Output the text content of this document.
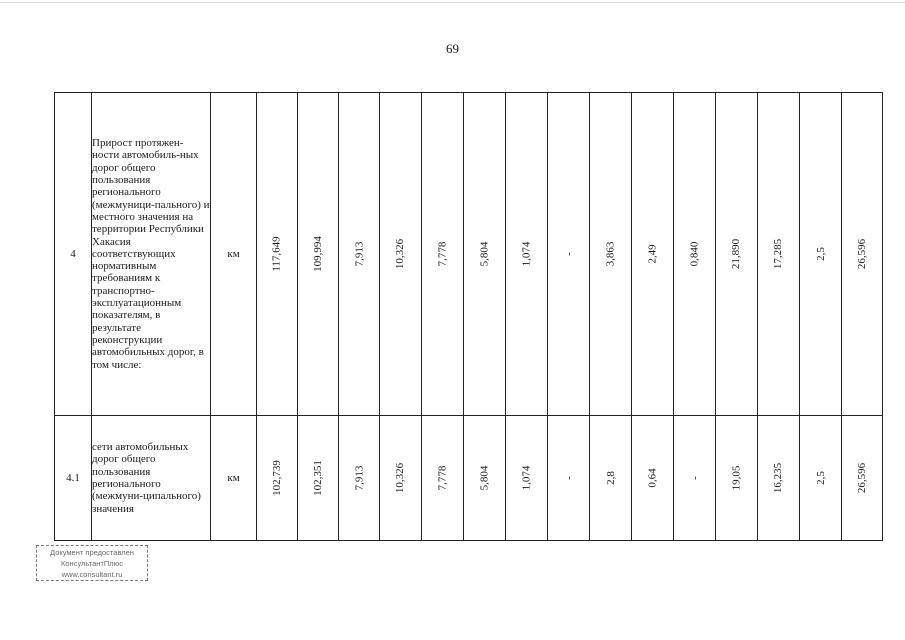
69
4	Прирост протяжен-ности автомобиль-ных дорог общего пользования регионального (межмуници-пального) и местного значения на территории Республики Хакасия соответствующих нормативным требованиям к транспортно-эксплуатационным показателям, в результате реконструкции автомобильных дорог, в том числе:	км	117,649	109,994	7,913	10,326	7,778	5,804	1,074	-	3,863	2,49	0,840	21,890	17,285	2,5	26,596
4.1	сети автомобильных дорог общего пользования регионального (межмуни-ципального) значения	км	102,739	102,351	7,913	10,326	7,778	5,804	1,074	-	2,8	0,64	-	19,05	16,235	2,5	26,596
Документ предоставлен
КонсультантПлюс
www.consultant.ru
